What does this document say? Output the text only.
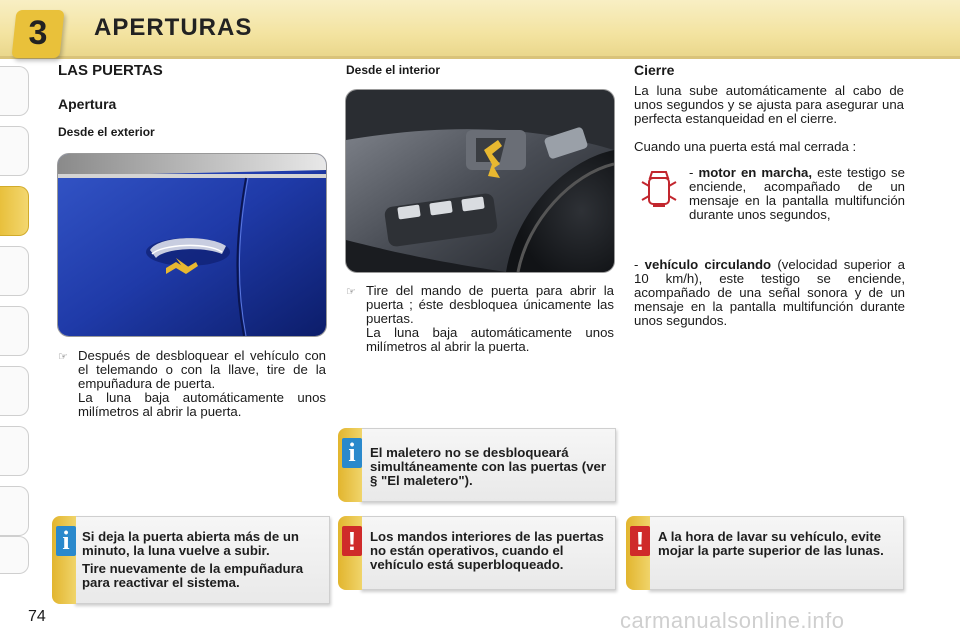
3	APERTURAS
LAS PUERTAS
Apertura
Desde el exterior
☞ Después de desbloquear el vehículo con el telemando o con la llave, tire de la empuñadura de puerta.
La luna baja automáticamente unos milímetros al abrir la puerta.
Desde el interior
☞ Tire del mando de puerta para abrir la puerta ; éste desbloquea únicamente las puertas.
La luna baja automáticamente unos milímetros al abrir la puerta.
Cierre
La luna sube automáticamente al cabo de unos segundos y se ajusta para asegurar una perfecta estanqueidad en el cierre.
Cuando una puerta está mal cerrada :
- motor en marcha, este testigo se enciende, acompañado de un mensaje en la pantalla multifunción durante unos segundos,
- vehículo circulando (velocidad superior a 10 km/h), este testigo se enciende, acompañado de una señal sonora y de un mensaje en la pantalla multifunción durante unos segundos.
i	El maletero no se desbloqueará simultáneamente con las puertas (ver § "El maletero").
i Si deja la puerta abierta más de un minuto, la luna vuelve a subir.
Tire nuevamente de la empuñadura para reactivar el sistema.
!	Los mandos interiores de las puertas no están operativos, cuando el vehículo está superbloqueado.
!	A la hora de lavar su vehículo, evite mojar la parte superior de las lunas.
74	carmanualsonline.info
